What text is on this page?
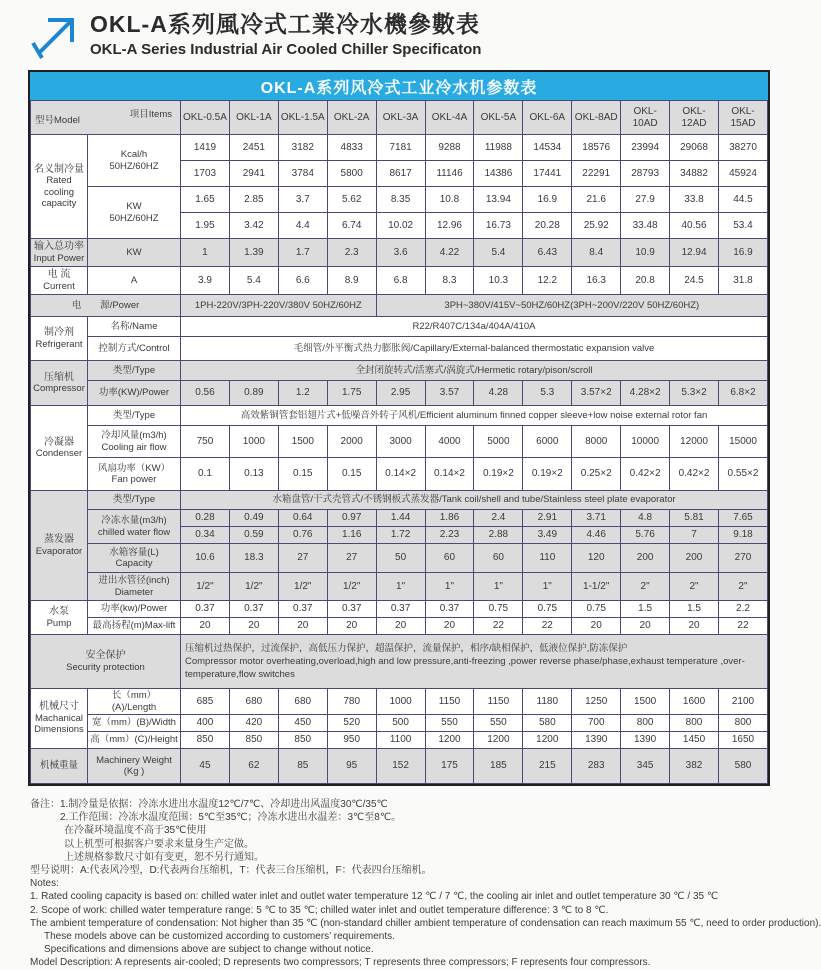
OKL-A系列風冷式工業冷水機參數表
OKL-A Series Industrial Air Cooled Chiller Specificaton
OKL-A系列风冷式工业冷水机参数表
型号Model 项目Items		OKL-0.5A	OKL-1A	OKL-1.5A	OKL-2A	OKL-3A	OKL-4A	OKL-5A	OKL-6A	OKL-8AD	OKL-10AD	OKL-12AD	OKL-15AD

名义制冷量
Rated cooling capacity

Kcal/h
50HZ/60HZ
	1419	2451	3182	4833	7181	9288	11988	14534	18576	23994	29068	38270
		1703	2941	3784	5800	8617	11146	14386	17441	22291	28793	34882	45924

	KW
50HZ/60HZ	1.65	2.85	3.7	5.62	8.35	10.8	13.94	16.9	21.6	27.9	33.8	44.5
		1.95	3.42	4.4	6.74	10.02	12.96	16.73	20.28	25.92	33.48	40.56	53.4

输入总功率
Input Power	KW	1	1.39	1.7	2.3	3.6	4.22	5.4	6.43	8.4	10.9	12.94	16.9

电 流
Current	A	3.9	5.4	6.6	8.9	6.8	8.3	10.3	12.2	16.3	20.8	24.5	31.8
电　　源/Power		1PH-220V/3PH-220V/380V 50HZ/60HZ				3PH~380V/415V~50HZ/60HZ(3PH~200V/220V 50HZ/60HZ)							

制冷剂
Refrigerant	名称/Name	R22/R407C/134a/404A/410A											
	控制方式/Control	毛细管/外平衡式热力膨胀阀/Capillary/External-balanced thermostatic expansion valve											

压缩机
Compressor	类型/Type	全封闭旋转式/活塞式/涡旋式/Hermetic rotary/pison/scroll											
	功率(KW)/Power	0.56	0.89	1.2	1.75	2.95	3.57	4.28	5.3	3.57×2	4.28×2	5.3×2	6.8×2

冷凝器
Condenser	类型/Type	高效紫铜管套铝翅片式+低噪音外转子风机/Efficient aluminum finned copper sleeve+low noise external rotor fan											

	冷却风量(m3/h)
Cooling air flow	750	1000	1500	2000	3000	4000	5000	6000	8000	10000	12000	15000

	风扇功率（KW）
Fan power	0.1	0.13	0.15	0.15	0.14×2	0.14×2	0.19×2	0.19×2	0.25×2	0.42×2	0.42×2	0.55×2

蒸发器
Evaporator	类型/Type	水箱盘管/干式壳管式/不锈钢板式蒸发器/Tank coil/shell and tube/Stainless steel plate evaporator											

	冷冻水量(m3/h)
chilled water flow	0.28	0.49	0.64	0.97	1.44	1.86	2.4	2.91	3.71	4.8	5.81	7.65
		0.34	0.59	0.76	1.16	1.72	2.23	2.88	3.49	4.46	5.76	7	9.18

	水箱容量(L)
Capacity	10.6	18.3	27	27	50	60	60	110	120	200	200	270

	进出水管径(inch)
Diameter	1/2"	1/2"	1/2"	1/2"	1"	1"	1"	1"	1-1/2"	2"	2"	2"

水泵
Pump	功率(kw)/Power	0.37	0.37	0.37	0.37	0.37	0.37	0.75	0.75	0.75	1.5	1.5	2.2
	最高扬程(m)Max-lift	20	20	20	20	20	20	22	22	20	20	20	22

安全保护
Security protection

压缩机过热保护，过流保护，高低压力保护，超温保护，流量保护，相序/缺相保护，低液位保护,防冻保护
Compressor motor overheating,overload,high and low pressure,anti-freezing ,power reverse phase/phase,exhaust temperature ,over-temperature,flow switches

机械尺寸
Machanical Dimensions	长（mm）(A)/Length	685	680	680	780	1000	1150	1150	1180	1250	1500	1600	2100
	宽（mm）(B)/Width	400	420	450	520	500	550	550	580	700	800	800	800
	高（mm）(C)/Height	850	850	850	950	1100	1200	1200	1200	1390	1390	1450	1650
机械重量	Machinery Weight (Kg )	45	62	85	95	152	175	185	215	283	345	382	580
备注：1.制冷量是依据：冷冻水进出水温度12℃/7℃、冷却进出风温度30℃/35℃
2.工作范围：冷冻水温度范围：5℃至35℃；冷冻水进出水温差：3℃至8℃。
在冷凝环境温度不高于35℃使用
以上机型可根据客户要求来量身生产定做。
上述规格参数尺寸如有变更，恕不另行通知。
型号说明：A:代表风冷型，D:代表两台压缩机，T：代表三台压缩机，F：代表四台压缩机。
Notes:
1. Rated cooling capacity is based on: chilled water inlet and outlet water temperature 12 ℃ / 7 ℃, the cooling air inlet and outlet temperature 30 ℃ / 35 ℃
2. Scope of work: chilled water temperature range: 5 ℃ to 35 ℃; chilled water inlet and outlet temperature difference: 3 ℃ to 8 ℃.
The ambient temperature of condensation: Not higher than 35 ℃ (non-standard chiller ambient temperature of condensation can reach maximum 55 ℃, need to order production).
These models above can be customized according to customers’ requirements.
Specifications and dimensions above are subject to change without notice.
Model Description: A represents air-cooled; D represents two compressors; T represents three compressors; F represents four compressors.
